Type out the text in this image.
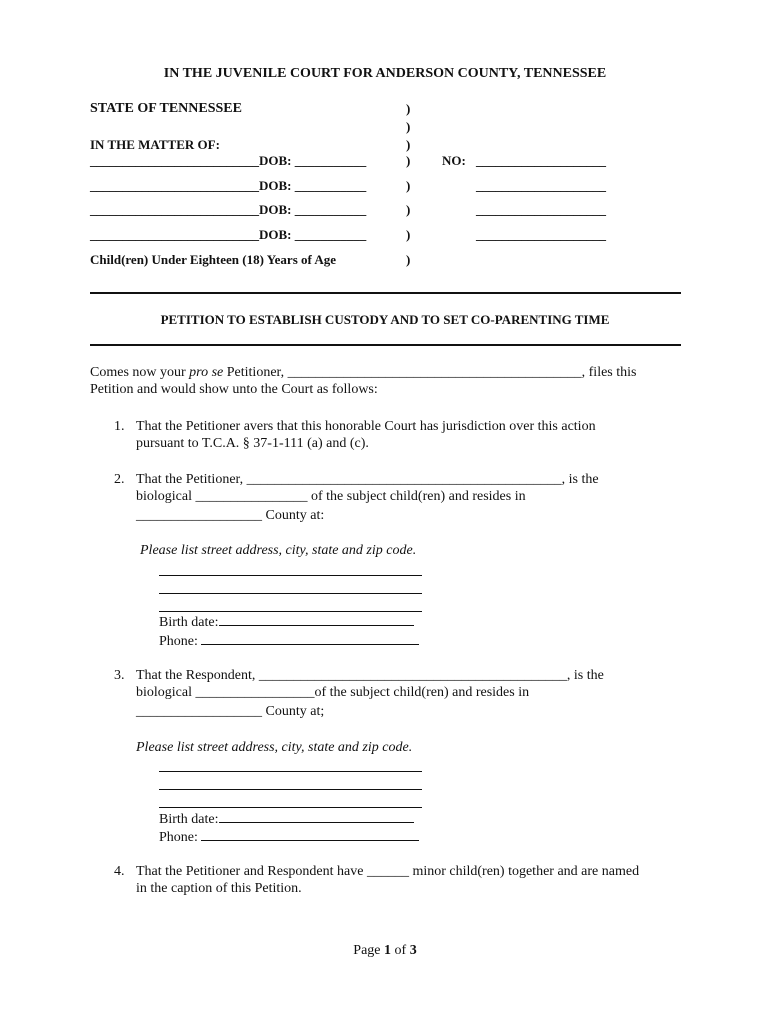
IN THE JUVENILE COURT FOR ANDERSON COUNTY, TENNESSEE
STATE OF TENNESSEE
IN THE MATTER OF:
__________________________DOB: ___________
__________________________DOB: ___________
__________________________DOB: ___________
__________________________DOB: ___________
Child(ren) Under Eighteen (18) Years of Age
)
)
)
)
)
)
)
)
NO: ____________________
____________________
____________________
____________________
PETITION TO ESTABLISH CUSTODY AND TO SET CO-PARENTING TIME
Comes now your pro se Petitioner, __________________________________________, files this
Petition and would show unto the Court as follows:
1. That the Petitioner avers that this honorable Court has jurisdiction over this action
pursuant to T.C.A. § 37-1-111 (a) and (c).
2. That the Petitioner, _____________________________________________, is the
biological ________________ of the subject child(ren) and resides in
__________________ County at:
Please list street address, city, state and zip code.
Birth date:
Phone:
3. That the Respondent, ____________________________________________, is the
biological _________________of the subject child(ren) and resides in
__________________ County at;
Please list street address, city, state and zip code.
Birth date:
Phone:
4. That the Petitioner and Respondent have ______ minor child(ren) together and are named
in the caption of this Petition.
Page 1 of 3
